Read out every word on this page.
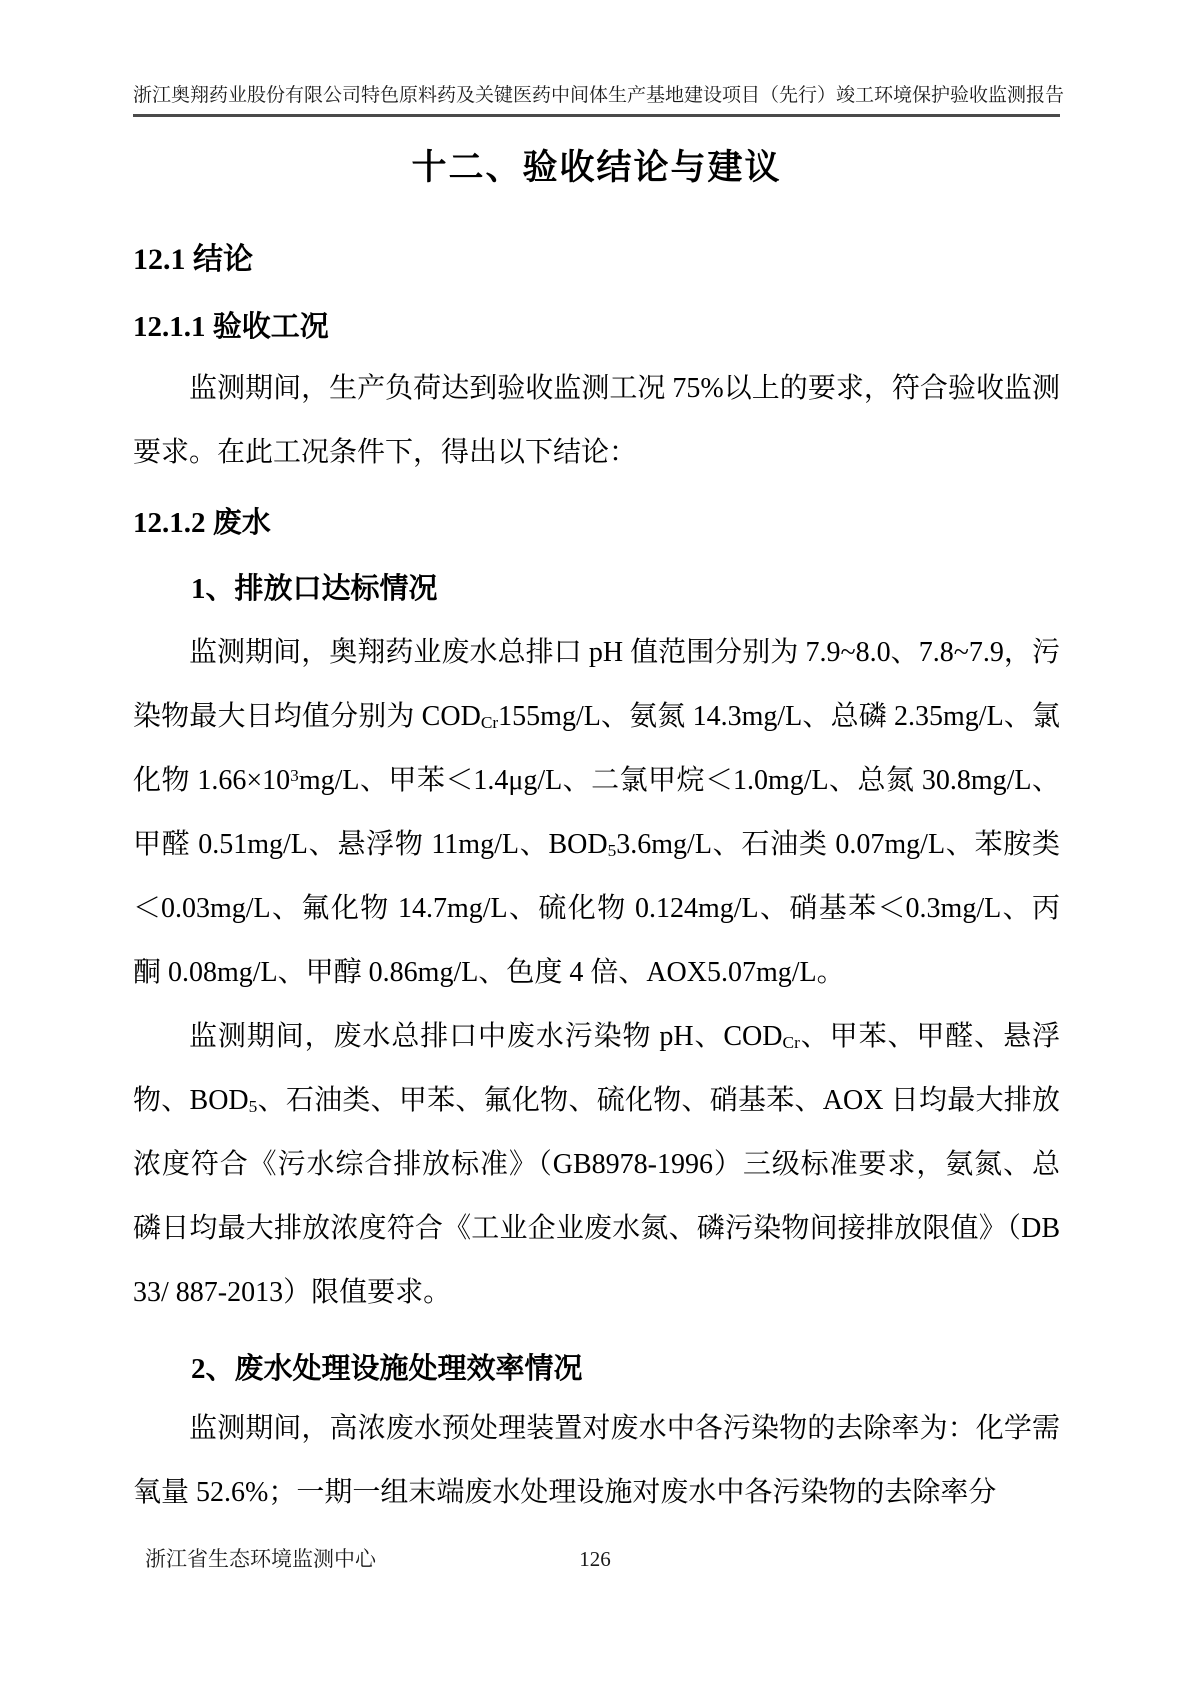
浙江奥翔药业股份有限公司特色原料药及关键医药中间体生产基地建设项目（先行）竣工环境保护验收监测报告
十二、验收结论与建议
12.1 结论
12.1.1 验收工况

监测期间，生产负荷达到验收监测工况 75%以上的要求，符合验收监测要求。在此工况条件下，得出以下结论：

12.1.2 废水
1、排放口达标情况

监测期间，奥翔药业废水总排口 pH 值范围分别为 7.9~8.0、7.8~7.9，污染物最大日均值分别为 $COD_{Cr}155mg/L$、氨氮 14.3mg/L、总磷 2.35mg/L、氯化物 $1.66\times 10^3mg/L$、甲苯＜1.4μg/L、二氯甲烷＜1.0mg/L、总氮 30.8mg/L、甲醛 0.51mg/L、悬浮物 11mg/L、$BOD_53.6mg/L$、石油类 0.07mg/L、苯胺类＜0.03mg/L、氟化物 14.7mg/L、硫化物 0.124mg/L、硝基苯＜0.3mg/L、丙酮 0.08mg/L、甲醇 0.86mg/L、色度 4 倍、AOX5.07mg/L。

监测期间，废水总排口中废水污染物 pH、$COD_{Cr}$、甲苯、甲醛、悬浮物、$BOD_5$、石油类、甲苯、氟化物、硫化物、硝基苯、AOX 日均最大排放浓度符合《污水综合排放标准》（GB8978-1996）三级标准要求，氨氮、总磷日均最大排放浓度符合《工业企业废水氮、磷污染物间接排放限值》（DB 33/ 887-2013）限值要求。

2、废水处理设施处理效率情况

监测期间，高浓废水预处理装置对废水中各污染物的去除率为：化学需氧量 52.6%；一期一组末端废水处理设施对废水中各污染物的去除率分

浙江省生态环境监测中心	126
